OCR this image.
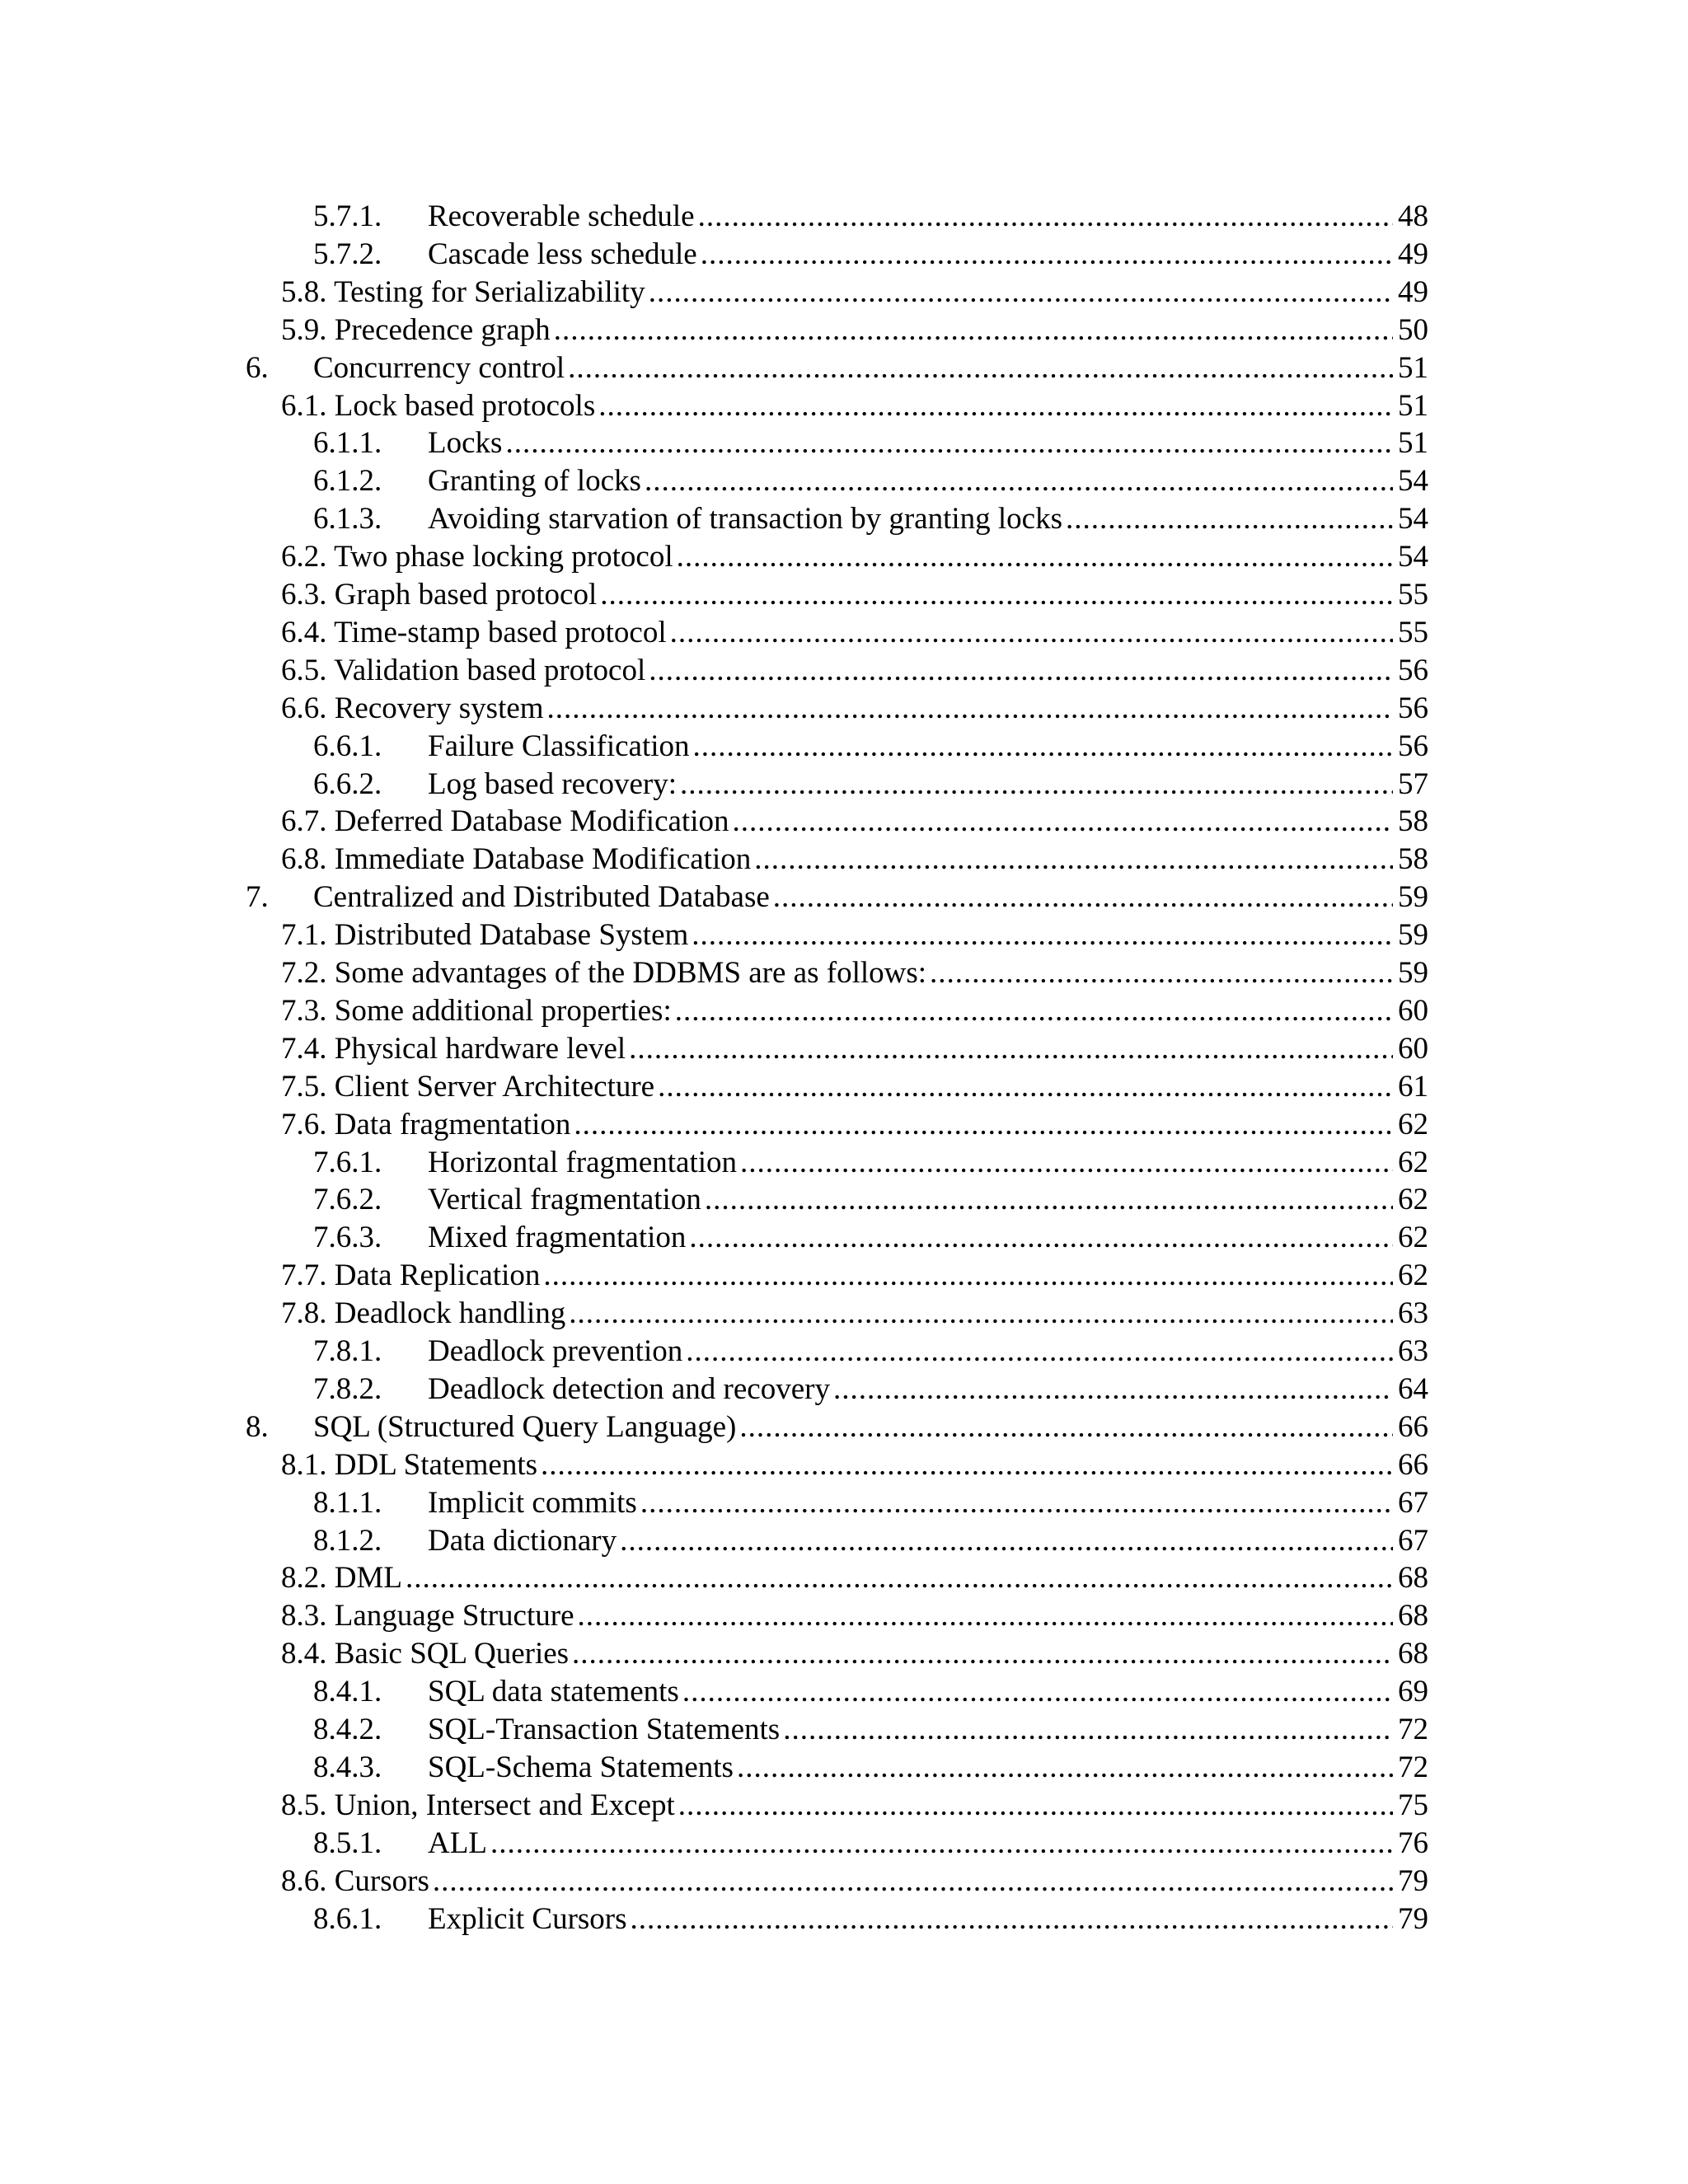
5.7.1. Recoverable schedule .....	48
5.7.2. Cascade less schedule .....	49
5.8. Testing for Serializability .....	49
5.9. Precedence graph .....	50
6. Concurrency control .....	51
6.1. Lock based protocols .....	51
6.1.1. Locks .....	51
6.1.2. Granting of locks .....	54
6.1.3. Avoiding starvation of transaction by granting locks .....	54
6.2. Two phase locking protocol .....	54
6.3. Graph based protocol .....	55
6.4. Time-stamp based protocol .....	55
6.5. Validation based protocol .....	56
6.6. Recovery system .....	56
6.6.1. Failure Classification .....	56
6.6.2. Log based recovery: .....	57
6.7. Deferred Database Modification .....	58
6.8. Immediate Database Modification .....	58
7. Centralized and Distributed Database .....	59
7.1. Distributed Database System .....	59
7.2. Some advantages of the DDBMS are as follows: .....	59
7.3. Some additional properties: .....	60
7.4. Physical hardware level .....	60
7.5. Client Server Architecture .....	61
7.6. Data fragmentation .....	62
7.6.1. Horizontal fragmentation .....	62
7.6.2. Vertical fragmentation .....	62
7.6.3. Mixed fragmentation .....	62
7.7. Data Replication .....	62
7.8. Deadlock handling .....	63
7.8.1. Deadlock prevention .....	63
7.8.2. Deadlock detection and recovery .....	64
8. SQL (Structured Query Language) .....	66
8.1. DDL Statements .....	66
8.1.1. Implicit commits .....	67
8.1.2. Data dictionary .....	67
8.2. DML .....	68
8.3. Language Structure .....	68
8.4. Basic SQL Queries .....	68
8.4.1. SQL data statements .....	69
8.4.2. SQL-Transaction Statements .....	72
8.4.3. SQL-Schema Statements .....	72
8.5. Union, Intersect and Except .....	75
8.5.1. ALL .....	76
8.6. Cursors .....	79
8.6.1. Explicit Cursors .....	79
